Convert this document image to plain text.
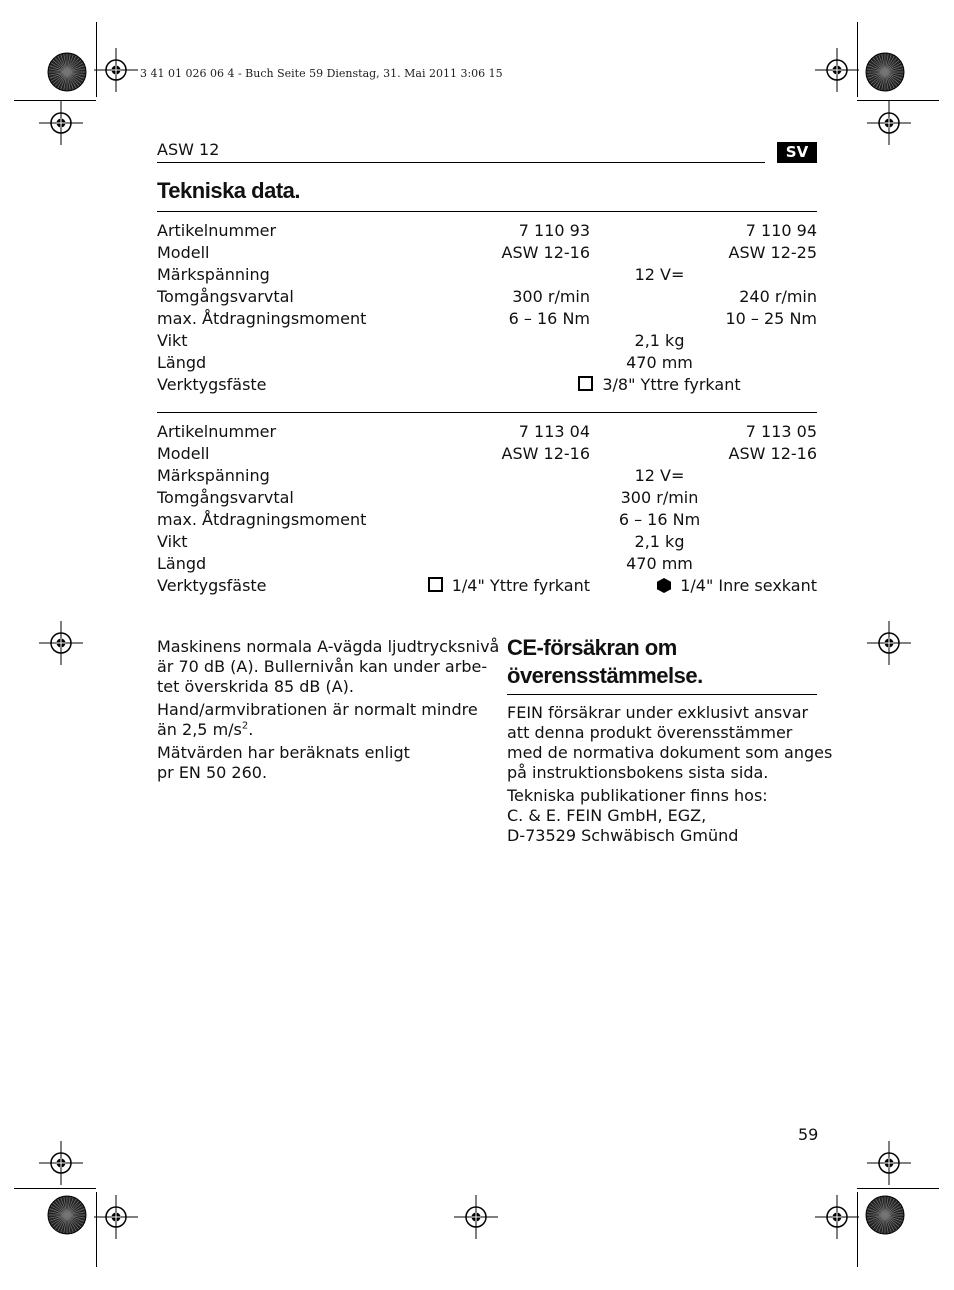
3 41 01 026 06 4 - Buch Seite 59 Dienstag, 31. Mai 2011 3:06 15
ASW 12	SV
Tekniska data.
Artikelnummer	7 110 93	7 110 94
Modell	ASW 12-16	ASW 12-25
Märkspänning	12 V=
Tomgångsvarvtal	300 r/min	240 r/min
max. Åtdragningsmoment	6 – 16 Nm	10 – 25 Nm
Vikt	2,1 kg
Längd	470 mm
Verktygsfäste	3/8" Yttre fyrkant
Artikelnummer	7 113 04	7 113 05
Modell	ASW 12-16	ASW 12-16
Märkspänning	12 V=
Tomgångsvarvtal	300 r/min
max. Åtdragningsmoment	6 – 16 Nm
Vikt	2,1 kg
Längd	470 mm
Verktygsfäste	1/4" Yttre fyrkant	1/4" Inre sexkant
Maskinens normala A-vägda ljudtrycksnivå
är 70 dB (A). Bullernivån kan under arbe-
tet överskrida 85 dB (A).
Hand/armvibrationen är normalt mindre
än 2,5 $m/s^2$.
Mätvärden har beräknats enligt
pr EN 50 260.
CE-försäkran om
överensstämmelse.
FEIN försäkrar under exklusivt ansvar
att denna produkt överensstämmer
med de normativa dokument som anges
på instruktionsbokens sista sida.
Tekniska publikationer finns hos:
C. & E. FEIN GmbH, EGZ,
D-73529 Schwäbisch Gmünd
59
